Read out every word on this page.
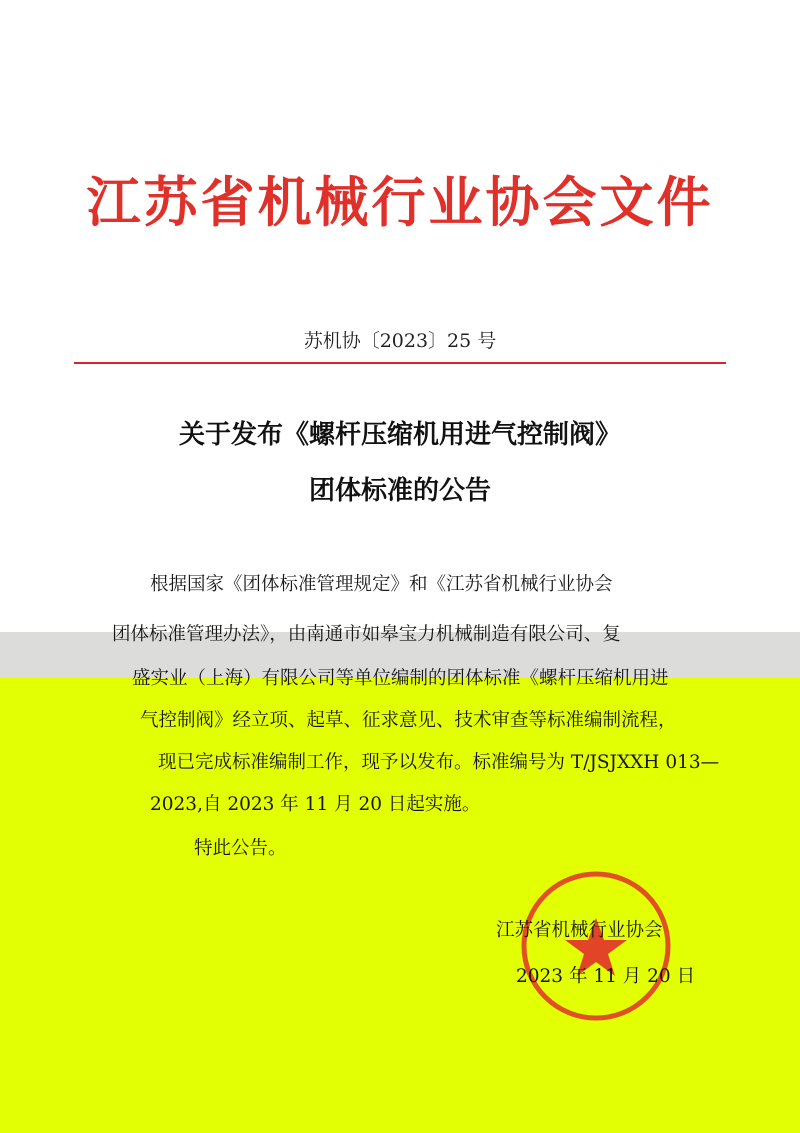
江苏省机械行业协会文件
苏机协〔2023〕25 号
关于发布《螺杆压缩机用进气控制阀》
团体标准的公告
根据国家《团体标准管理规定》和《江苏省机械行业协会
团体标准管理办法》，由南通市如皋宝力机械制造有限公司、复
盛实业（上海）有限公司等单位编制的团体标准《螺杆压缩机用进
气控制阀》经立项、起草、征求意见、技术审查等标准编制流程，
现已完成标准编制工作，现予以发布。标准编号为 T/JSJXXH 013—
2023,自 2023 年 11 月 20 日起实施。
特此公告。
江苏省机械行业协会
2023 年 11 月 20 日
